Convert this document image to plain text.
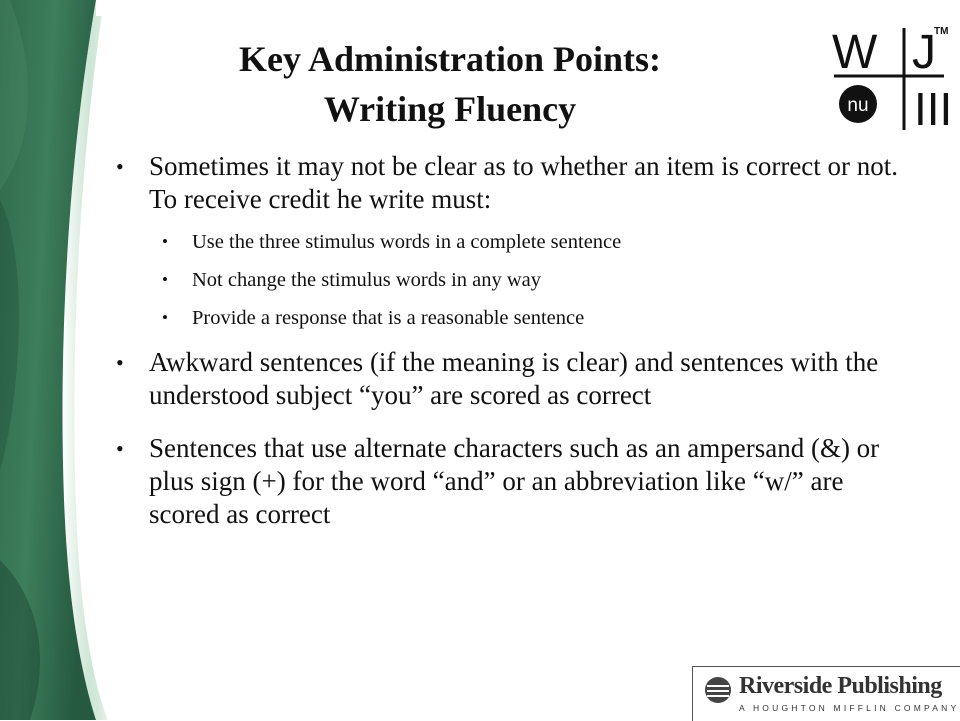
Key Administration Points:
Writing Fluency
W J
nu III
TM
• Sometimes it may not be clear as to whether an item is correct or not. To receive credit he write must:
• Use the three stimulus words in a complete sentence
• Not change the stimulus words in any way
• Provide a response that is a reasonable sentence
• Awkward sentences (if the meaning is clear) and sentences with the understood subject “you” are scored as correct
• Sentences that use alternate characters such as an ampersand (&) or plus sign (+) for the word “and” or an abbreviation like “w/” are scored as correct
Riverside Publishing
A HOUGHTON MIFFLIN COMPANY
